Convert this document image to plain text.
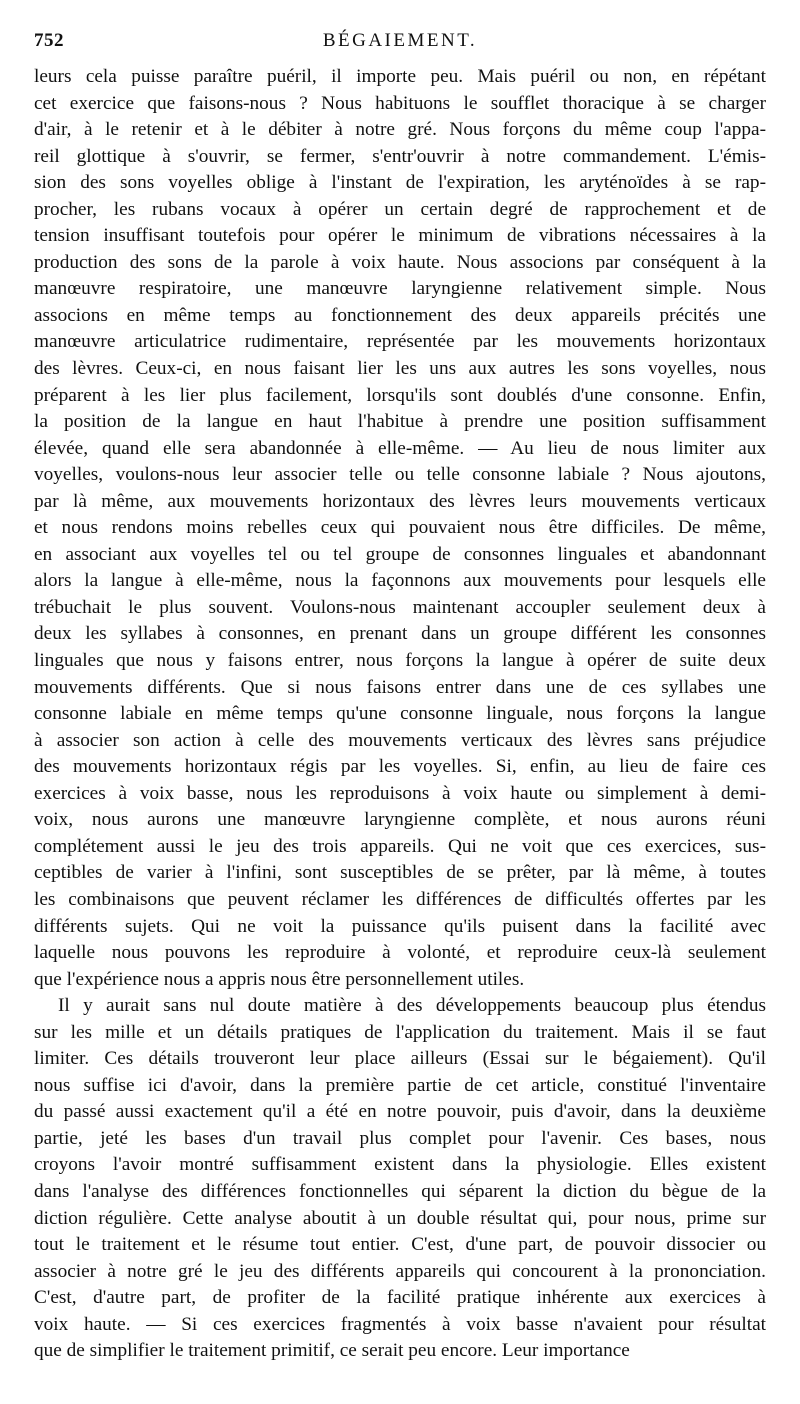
752	BÉGAIEMENT.
leurs cela puisse paraître puéril, il importe peu. Mais puéril ou non, en répétant
cet exercice que faisons-nous ? Nous habituons le soufflet thoracique à se charger
d'air, à le retenir et à le débiter à notre gré. Nous forçons du même coup l'appa-
reil glottique à s'ouvrir, se fermer, s'entr'ouvrir à notre commandement. L'émis-
sion des sons voyelles oblige à l'instant de l'expiration, les aryténoïdes à se rap-
procher, les rubans vocaux à opérer un certain degré de rapprochement et de
tension insuffisant toutefois pour opérer le minimum de vibrations nécessaires à la
production des sons de la parole à voix haute. Nous associons par conséquent à la
manœuvre respiratoire, une manœuvre laryngienne relativement simple. Nous
associons en même temps au fonctionnement des deux appareils précités une
manœuvre articulatrice rudimentaire, représentée par les mouvements horizontaux
des lèvres. Ceux-ci, en nous faisant lier les uns aux autres les sons voyelles, nous
préparent à les lier plus facilement, lorsqu'ils sont doublés d'une consonne. Enfin,
la position de la langue en haut l'habitue à prendre une position suffisamment
élevée, quand elle sera abandonnée à elle-même. — Au lieu de nous limiter aux
voyelles, voulons-nous leur associer telle ou telle consonne labiale ? Nous ajoutons,
par là même, aux mouvements horizontaux des lèvres leurs mouvements verticaux
et nous rendons moins rebelles ceux qui pouvaient nous être difficiles. De même,
en associant aux voyelles tel ou tel groupe de consonnes linguales et abandonnant
alors la langue à elle-même, nous la façonnons aux mouvements pour lesquels elle
trébuchait le plus souvent. Voulons-nous maintenant accoupler seulement deux à
deux les syllabes à consonnes, en prenant dans un groupe différent les consonnes
linguales que nous y faisons entrer, nous forçons la langue à opérer de suite deux
mouvements différents. Que si nous faisons entrer dans une de ces syllabes une
consonne labiale en même temps qu'une consonne linguale, nous forçons la langue
à associer son action à celle des mouvements verticaux des lèvres sans préjudice
des mouvements horizontaux régis par les voyelles. Si, enfin, au lieu de faire ces
exercices à voix basse, nous les reproduisons à voix haute ou simplement à demi-
voix, nous aurons une manœuvre laryngienne complète, et nous aurons réuni
complétement aussi le jeu des trois appareils. Qui ne voit que ces exercices, sus-
ceptibles de varier à l'infini, sont susceptibles de se prêter, par là même, à toutes
les combinaisons que peuvent réclamer les différences de difficultés offertes par les
différents sujets. Qui ne voit la puissance qu'ils puisent dans la facilité avec
laquelle nous pouvons les reproduire à volonté, et reproduire ceux-là seulement
que l'expérience nous a appris nous être personnellement utiles.
Il y aurait sans nul doute matière à des développements beaucoup plus étendus
sur les mille et un détails pratiques de l'application du traitement. Mais il se faut
limiter. Ces détails trouveront leur place ailleurs (Essai sur le bégaiement). Qu'il
nous suffise ici d'avoir, dans la première partie de cet article, constitué l'inventaire
du passé aussi exactement qu'il a été en notre pouvoir, puis d'avoir, dans la deuxième
partie, jeté les bases d'un travail plus complet pour l'avenir. Ces bases, nous
croyons l'avoir montré suffisamment existent dans la physiologie. Elles existent
dans l'analyse des différences fonctionnelles qui séparent la diction du bègue de la
diction régulière. Cette analyse aboutit à un double résultat qui, pour nous, prime sur
tout le traitement et le résume tout entier. C'est, d'une part, de pouvoir dissocier ou
associer à notre gré le jeu des différents appareils qui concourent à la prononciation.
C'est, d'autre part, de profiter de la facilité pratique inhérente aux exercices à
voix haute. — Si ces exercices fragmentés à voix basse n'avaient pour résultat
que de simplifier le traitement primitif, ce serait peu encore. Leur importance
